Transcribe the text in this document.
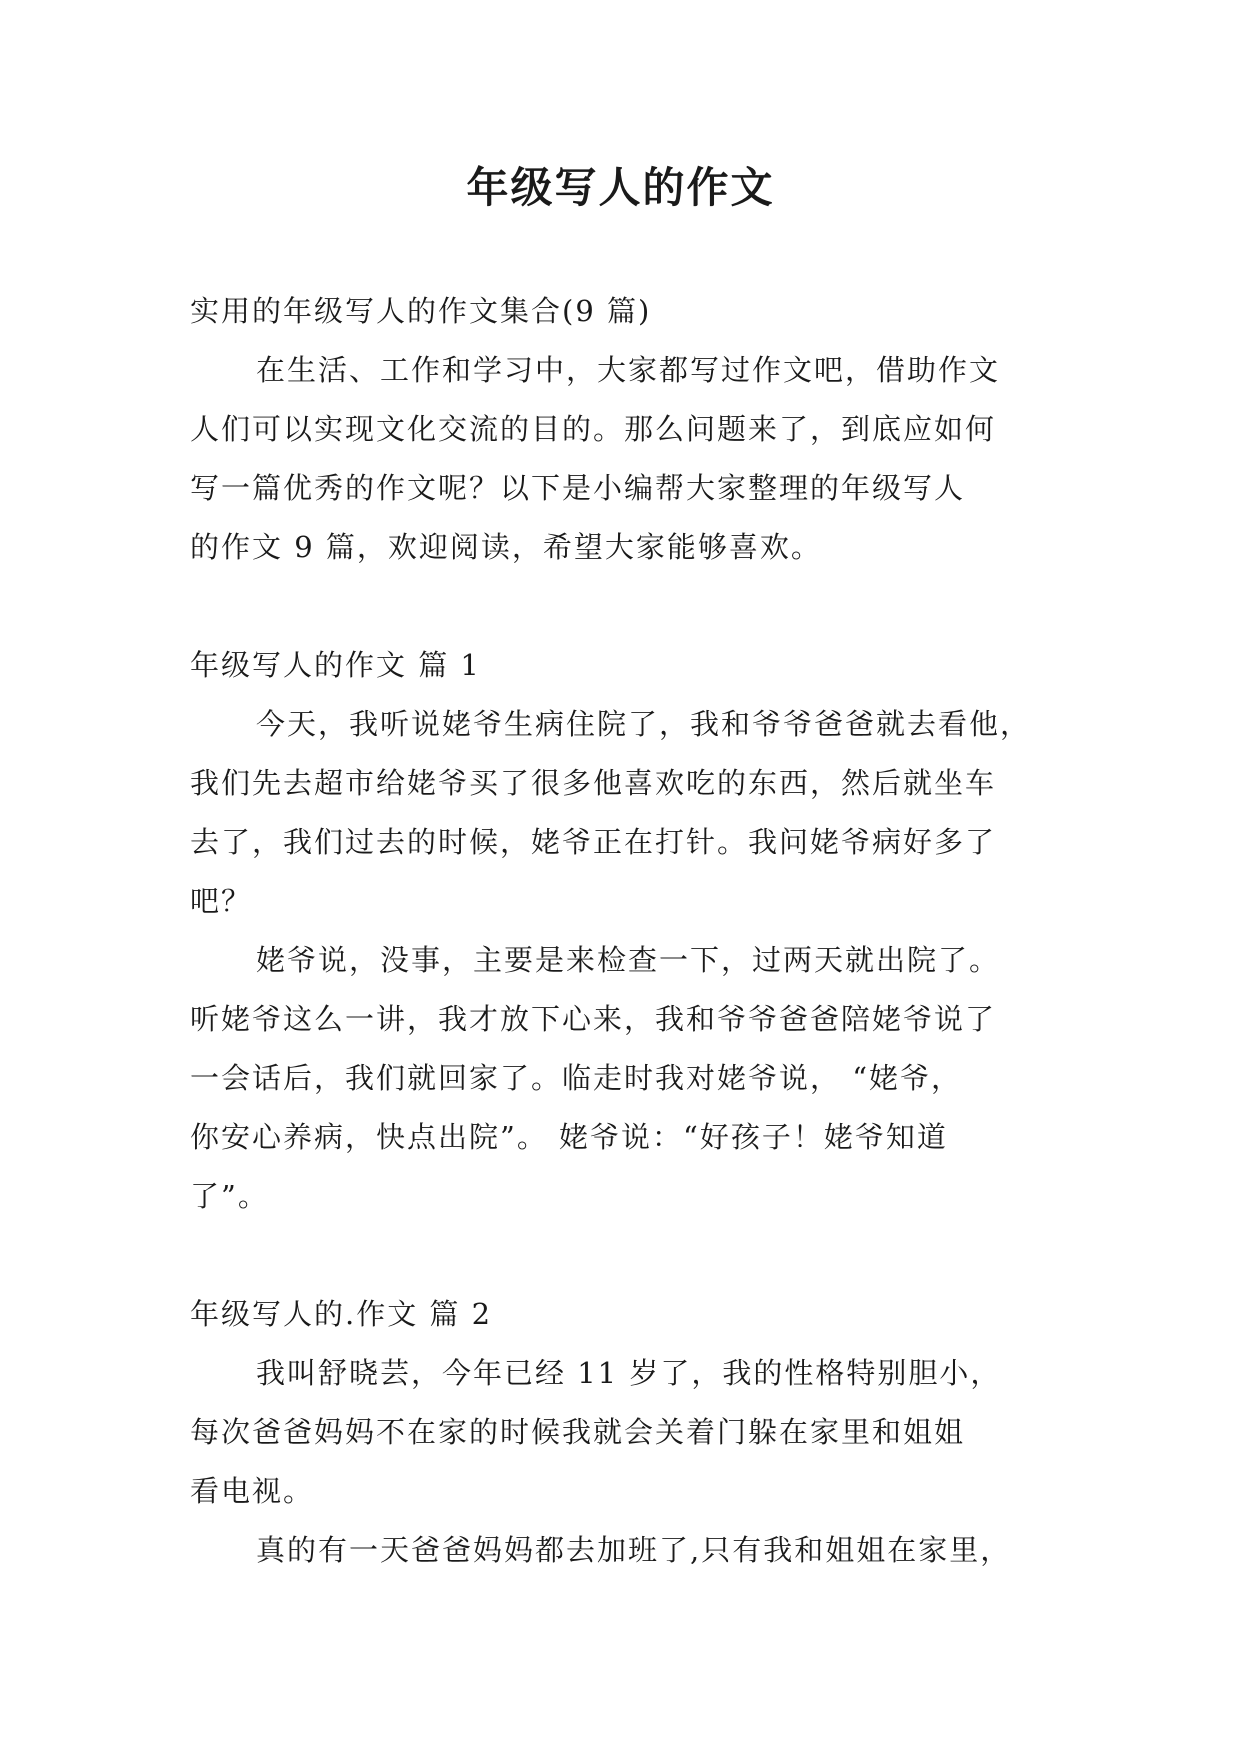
年级写人的作文
实用的年级写人的作文集合(9 篇)
在生活、工作和学习中，大家都写过作文吧，借助作文
人们可以实现文化交流的目的。那么问题来了，到底应如何
写一篇优秀的作文呢？以下是小编帮大家整理的年级写人
的作文 9 篇，欢迎阅读，希望大家能够喜欢。
年级写人的作文 篇 1
今天，我听说姥爷生病住院了，我和爷爷爸爸就去看他，
我们先去超市给姥爷买了很多他喜欢吃的东西，然后就坐车
去了，我们过去的时候，姥爷正在打针。我问姥爷病好多了
吧？
姥爷说，没事，主要是来检查一下，过两天就出院了。
听姥爷这么一讲，我才放下心来，我和爷爷爸爸陪姥爷说了
一会话后，我们就回家了。临走时我对姥爷说， “姥爷，
你安心养病，快点出院”。 姥爷说：“好孩子！姥爷知道
了”。
年级写人的.作文 篇 2
我叫舒晓芸，今年已经 11 岁了，我的性格特别胆小，
每次爸爸妈妈不在家的时候我就会关着门躲在家里和姐姐
看电视。
真的有一天爸爸妈妈都去加班了,只有我和姐姐在家里，
